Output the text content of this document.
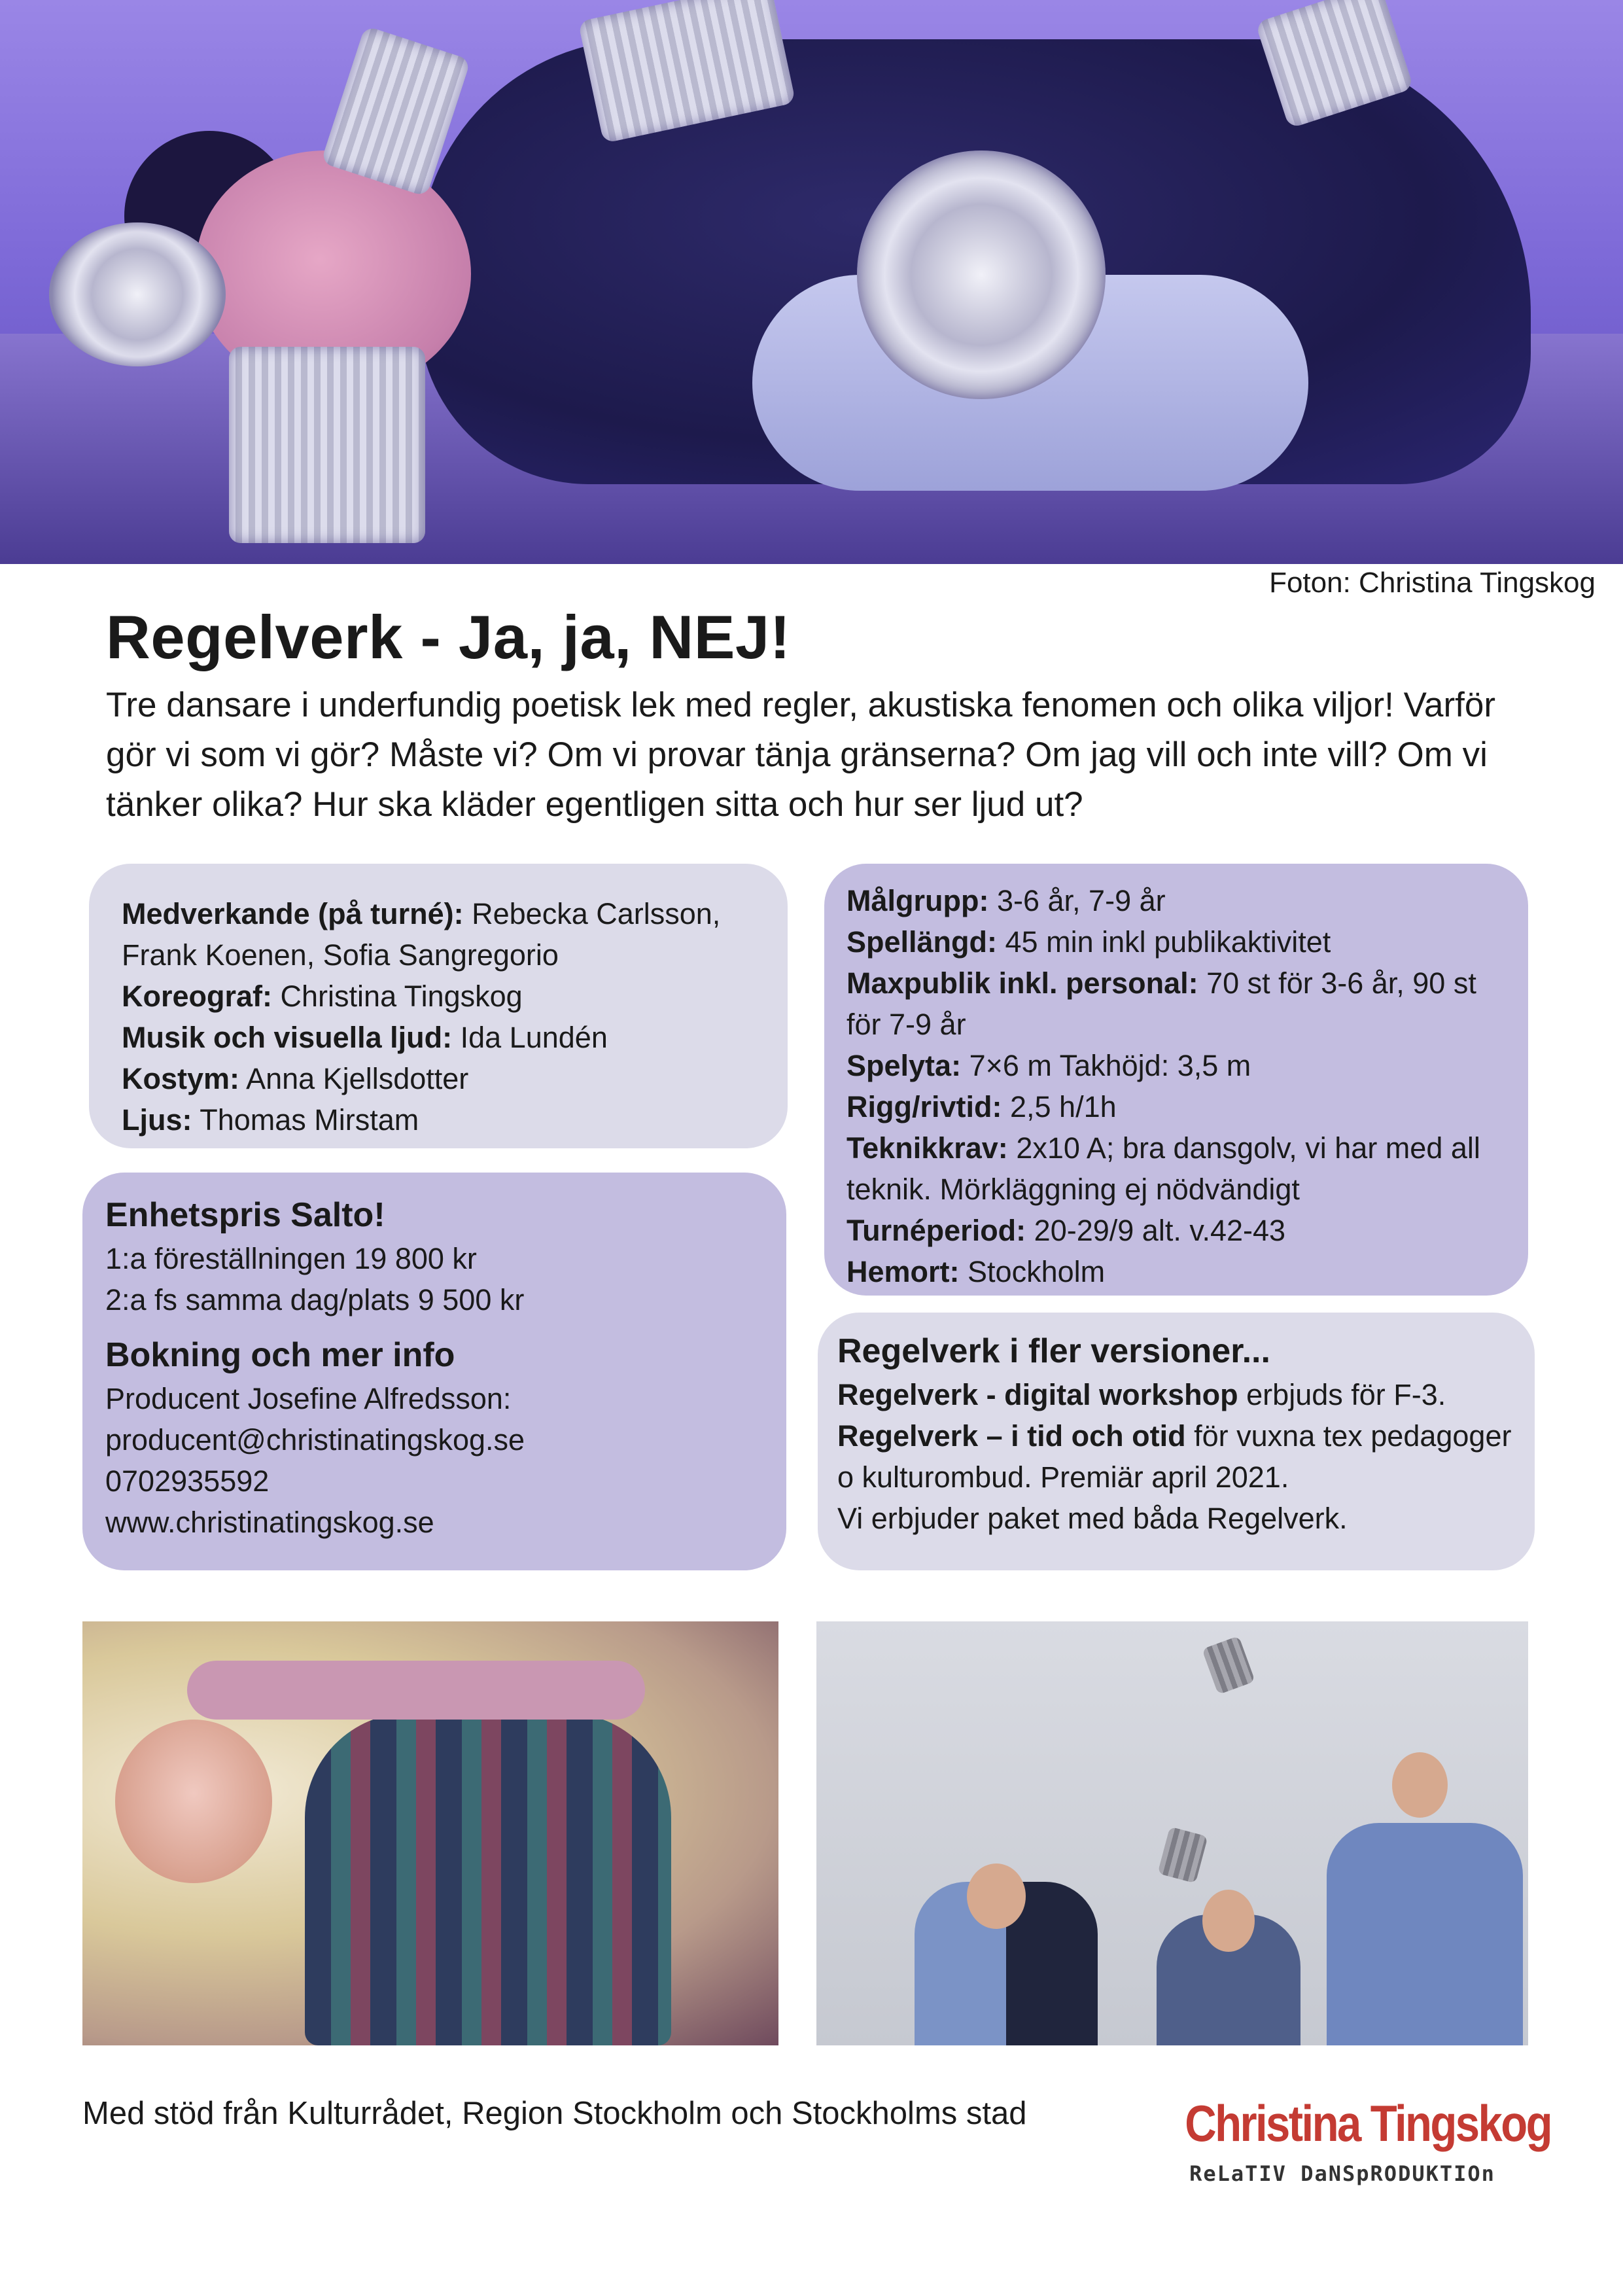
Foton: Christina Tingskog
Regelverk - Ja, ja, NEJ!

Tre dansare i underfundig poetisk lek med regler, akustiska fenomen och olika viljor! Varför gör vi som vi gör? Måste vi? Om vi provar tänja gränserna? Om jag vill och inte vill? Om vi tänker olika? Hur ska kläder egentligen sitta och hur ser ljud ut?

Medverkande (på turné): Rebecka Carlsson, Frank Koenen, Sofia Sangregorio
Koreograf: Christina Tingskog
Musik och visuella ljud: Ida Lundén
Kostym: Anna Kjellsdotter
Ljus: Thomas Mirstam
Målgrupp: 3-6 år, 7-9 år
Spellängd: 45 min inkl publikaktivitet
Maxpublik inkl. personal: 70 st för 3-6 år, 90 st för 7-9 år
Spelyta: 7×6 m Takhöjd: 3,5 m
Rigg/rivtid: 2,5 h/1h
Teknikkrav: 2x10 A; bra dansgolv, vi har med all teknik. Mörkläggning ej nödvändigt
Turnéperiod: 20-29/9 alt. v.42-43
Hemort: Stockholm
Enhetspris Salto!
1:a föreställningen 19 800 kr
2:a fs samma dag/plats 9 500 kr
Bokning och mer info
Producent Josefine Alfredsson:
producent@christinatingskog.se
0702935592
www.christinatingskog.se
Regelverk i fler versioner...
Regelverk - digital workshop erbjuds för F-3.
Regelverk – i tid och otid för vuxna tex pedagoger o kulturombud. Premiär april 2021.
Vi erbjuder paket med båda Regelverk.
Med stöd från Kulturrådet, Region Stockholm och Stockholms stad	Christina Tingskog
ReLaTIV DaNSpRODUKTIOn
